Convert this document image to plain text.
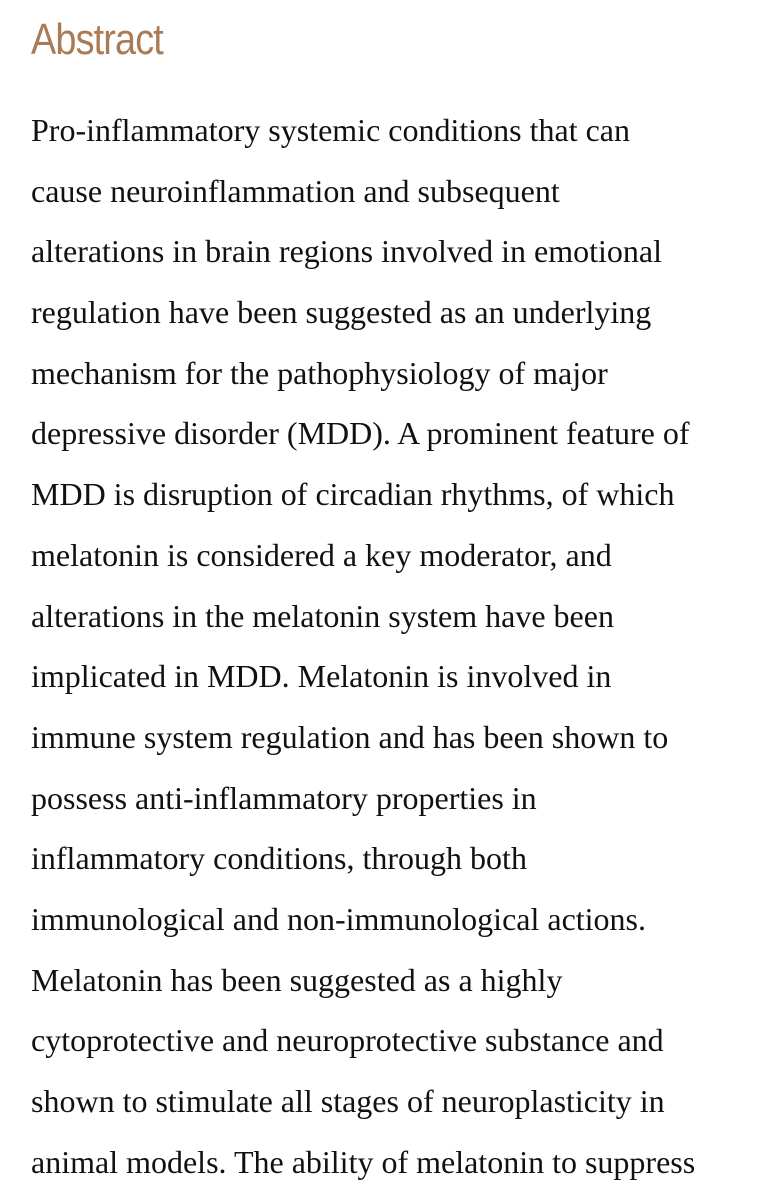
Abstract
Pro-inflammatory systemic conditions that can
cause neuroinflammation and subsequent
alterations in brain regions involved in emotional
regulation have been suggested as an underlying
mechanism for the pathophysiology of major
depressive disorder (MDD). A prominent feature of
MDD is disruption of circadian rhythms, of which
melatonin is considered a key moderator, and
alterations in the melatonin system have been
implicated in MDD. Melatonin is involved in
immune system regulation and has been shown to
possess anti-inflammatory properties in
inflammatory conditions, through both
immunological and non-immunological actions.
Melatonin has been suggested as a highly
cytoprotective and neuroprotective substance and
shown to stimulate all stages of neuroplasticity in
animal models. The ability of melatonin to suppress
